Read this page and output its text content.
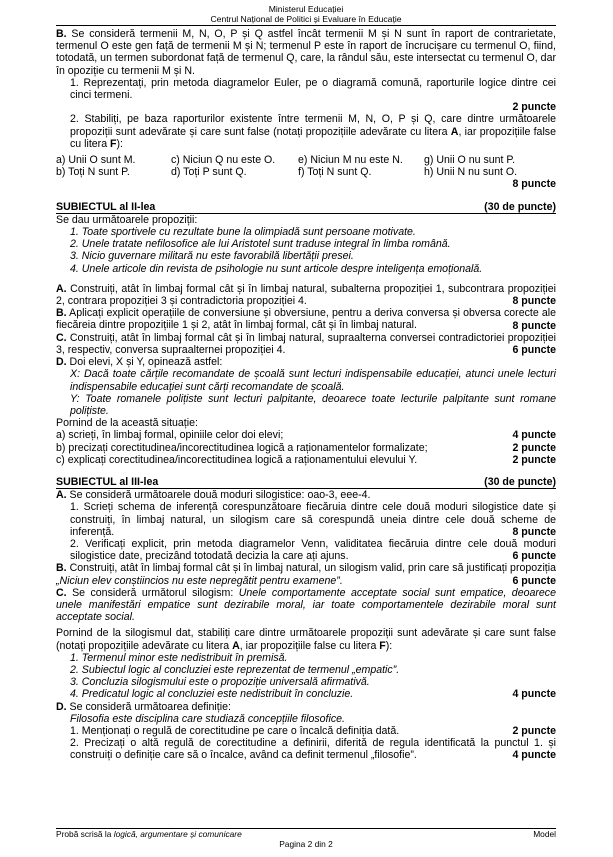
Ministerul Educației
Centrul Național de Politici și Evaluare în Educație

B. Se consideră termenii M, N, O, P și Q astfel încât termenii M și N sunt în raport de contrarietate, termenul O este gen față de termenii M și N; termenul P este în raport de încrucișare cu termenul O, fiind, totodată, un termen subordonat față de termenul Q, care, la rândul său, este intersectat cu termenul O, dar în opoziție cu termenii M și N.

1. Reprezentați, prin metoda diagramelor Euler, pe o diagramă comună, raporturile logice dintre cei cinci termeni.

2 puncte

2. Stabiliți, pe baza raporturilor existente între termenii M, N, O, P și Q, care dintre următoarele propoziții sunt adevărate și care sunt false (notați propozițiile adevărate cu litera A, iar propozițiile false cu litera F):

a) Unii O sunt M.	c) Niciun Q nu este O.	e) Niciun M nu este N.	g) Unii O nu sunt P.
b) Toți N sunt P.	d) Toți P sunt Q.	f) Toți N sunt Q.	h) Unii N nu sunt O.

8 puncte

SUBIECTUL al II-lea	(30 de puncte)

Se dau următoarele propoziții:

1. Toate sportivele cu rezultate bune la olimpiadă sunt persoane motivate.
2. Unele tratate nefilosofice ale lui Aristotel sunt traduse integral în limba română.
3. Nicio guvernare militară nu este favorabilă libertății presei.
4. Unele articole din revista de psihologie nu sunt articole despre inteligența emoțională.

A. Construiți, atât în limbaj formal cât și în limbaj natural, subalterna propoziției 1, subcontrara propoziției 2, contrara propoziției 3 și contradictoria propoziției 4.	8 puncte

B. Aplicați explicit operațiile de conversiune și obversiune, pentru a deriva conversa și obversa corecte ale fiecăreia dintre propozițiile 1 și 2, atât în limbaj formal, cât și în limbaj natural.	8 puncte

C. Construiți, atât în limbaj formal cât și în limbaj natural, supraalterna conversei contradictoriei propoziției 3, respectiv, conversa supraalternei propoziției 4.	6 puncte

D. Doi elevi, X și Y, opinează astfel:

X: Dacă toate cărțile recomandate de școală sunt lecturi indispensabile educației, atunci unele lecturi indispensabile educației sunt cărți recomandate de școală.

Y: Toate romanele polițiste sunt lecturi palpitante, deoarece toate lecturile palpitante sunt romane polițiste.

Pornind de la această situație:

a) scrieți, în limbaj formal, opiniile celor doi elevi;	4 puncte
b) precizați corectitudinea/incorectitudinea logică a raționamentelor formalizate;	2 puncte
c) explicați corectitudinea/incorectitudinea logică a raționamentului elevului Y.	2 puncte
SUBIECTUL al III-lea	(30 de puncte)

A. Se consideră următoarele două moduri silogistice: oao-3, eee-4.

1. Scrieți schema de inferență corespunzătoare fiecăruia dintre cele două moduri silogistice date și construiți, în limbaj natural, un silogism care să corespundă uneia dintre cele două scheme de inferență.	8 puncte

2. Verificați explicit, prin metoda diagramelor Venn, validitatea fiecăruia dintre cele două moduri silogistice date, precizând totodată decizia la care ați ajuns.	6 puncte

B. Construiți, atât în limbaj formal cât și în limbaj natural, un silogism valid, prin care să justificați propoziția „Niciun elev conștiincios nu este nepregătit pentru examene”.	6 puncte

C. Se consideră următorul silogism: Unele comportamente acceptate social sunt empatice, deoarece unele manifestări empatice sunt dezirabile moral, iar toate comportamentele dezirabile moral sunt acceptate social.

Pornind de la silogismul dat, stabiliți care dintre următoarele propoziții sunt adevărate și care sunt false (notați propozițiile adevărate cu litera A, iar propozițiile false cu litera F):

1. Termenul minor este nedistribuit în premisă.

2. Subiectul logic al concluziei este reprezentat de termenul „empatic”.

3. Concluzia silogismului este o propoziție universală afirmativă.

4. Predicatul logic al concluziei este nedistribuit în concluzie.	4 puncte

D. Se consideră următoarea definiție:

Filosofia este disciplina care studiază concepțiile filosofice.

1. Menționați o regulă de corectitudine pe care o încalcă definiția dată.	2 puncte

2. Precizați o altă regulă de corectitudine a definirii, diferită de regula identificată la punctul 1. și construiți o definiție care să o încalce, având ca definit termenul „filosofie”.	4 puncte

Probă scrisă la logică, argumentare și comunicare	Model
Pagina 2 din 2
